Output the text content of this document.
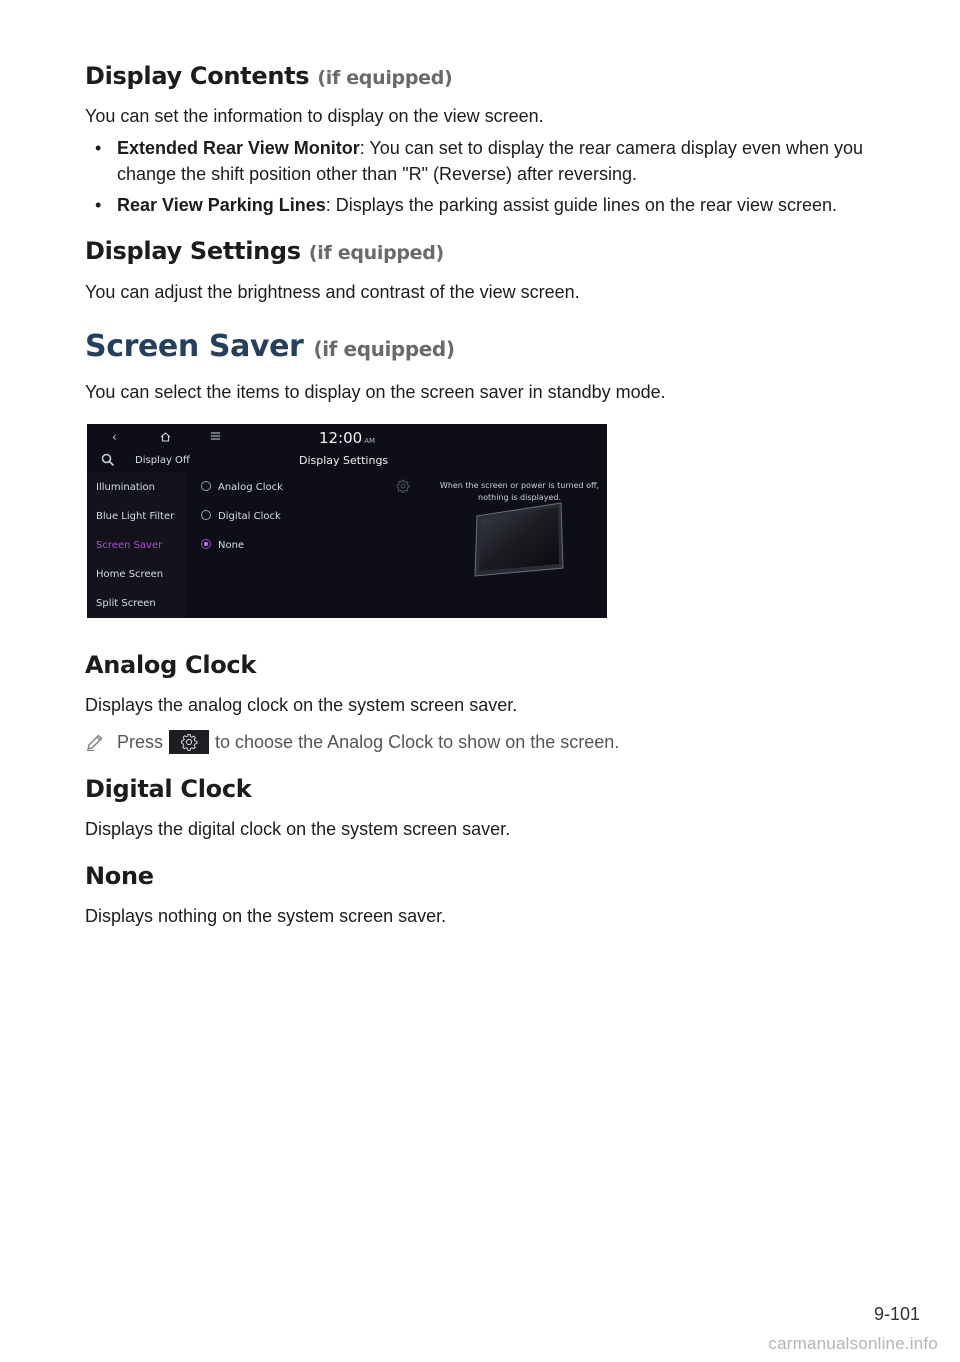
Display Contents (if equipped)

You can set the information to display on the view screen.

• Extended Rear View Monitor: You can set to display the rear camera display even when you change the shift position other than "R" (Reverse) after reversing.
• Rear View Parking Lines: Displays the parking assist guide lines on the rear view screen.
Display Settings (if equipped)

You can adjust the brightness and contrast of the view screen.

Screen Saver (if equipped)

You can select the items to display on the screen saver in standby mode.

‹	12:00 AM
Display Off	Display Settings
Illumination
Blue Light Filter
Screen Saver
Home Screen
Split Screen
Analog Clock
Digital Clock
None
When the screen or power is turned off, nothing is displayed.
Analog Clock

Displays the analog clock on the system screen saver.

Press	to choose the Analog Clock to show on the screen.
Digital Clock

Displays the digital clock on the system screen saver.

None

Displays nothing on the system screen saver.

9-101
carmanualsonline.info
